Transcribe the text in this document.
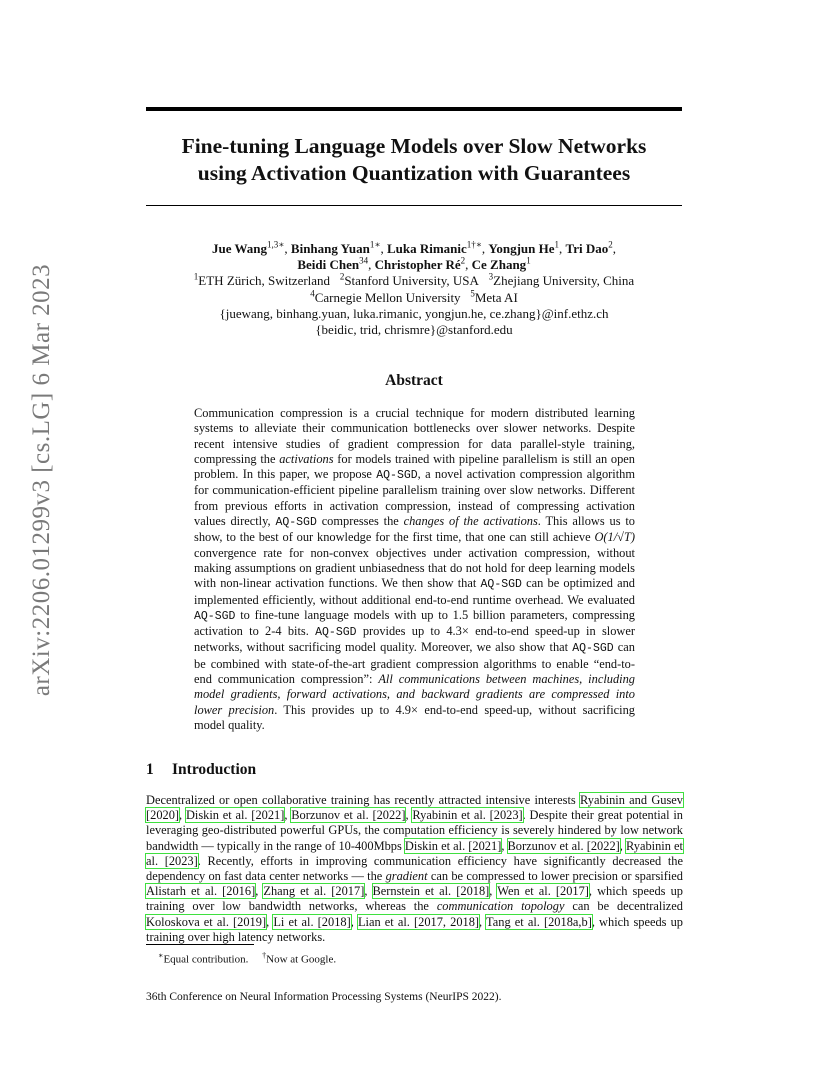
arXiv:2206.01299v3 [cs.LG] 6 Mar 2023
Fine-tuning Language Models over Slow Networks
using Activation Quantization with Guarantees
Jue Wang$^{1,3∗}$, Binhang Yuan$^{1∗}$, Luka Rimanic$^{1\dagger∗}$, Yongjun He$^1$, Tri Dao$^2$,
Beidi Chen$^{34}$, Christopher $Ré^2$, Ce Zhang$^1$
$^1$ETH Zürich, Switzerland $^2$Stanford University, USA $^3$Zhejiang University, China
$^4$Carnegie Mellon University $^5$Meta AI
{juewang, binhang.yuan, luka.rimanic, yongjun.he, ce.zhang}@inf.ethz.ch
{beidic, trid, chrismre}@stanford.edu
Abstract
Communication compression is a crucial technique for modern distributed learning systems to alleviate their communication bottlenecks over slower networks. Despite recent intensive studies of gradient compression for data parallel-style training, compressing the activations for models trained with pipeline parallelism is still an open problem. In this paper, we propose AQ-SGD, a novel activation compression algorithm for communication-efficient pipeline parallelism training over slow networks. Different from previous efforts in activation compression, instead of compressing activation values directly, AQ-SGD compresses the changes of the activations. This allows us to show, to the best of our knowledge for the first time, that one can still achieve O(1/√T) convergence rate for non-convex objectives under activation compression, without making assumptions on gradient unbiasedness that do not hold for deep learning models with non-linear activation functions. We then show that AQ-SGD can be optimized and implemented efficiently, without additional end-to-end runtime overhead. We evaluated AQ-SGD to fine-tune language models with up to 1.5 billion parameters, compressing activation to 2-4 bits. AQ-SGD provides up to 4.3× end-to-end speed-up in slower networks, without sacrificing model quality. Moreover, we also show that AQ-SGD can be combined with state-of-the-art gradient compression algorithms to enable “end-to-end communication compression”: All communications between machines, including model gradients, forward activations, and backward gradients are compressed into lower precision. This provides up to 4.9× end-to-end speed-up, without sacrificing model quality.
1 Introduction
Decentralized or open collaborative training has recently attracted intensive interests Ryabinin and Gusev [2020], Diskin et al. [2021], Borzunov et al. [2022], Ryabinin et al. [2023]. Despite their great potential in leveraging geo-distributed powerful GPUs, the computation efficiency is severely hindered by low network bandwidth — typically in the range of 10-400Mbps Diskin et al. [2021], Borzunov et al. [2022], Ryabinin et al. [2023]. Recently, efforts in improving communication efficiency have significantly decreased the dependency on fast data center networks — the gradient can be compressed to lower precision or sparsified Alistarh et al. [2016], Zhang et al. [2017], Bernstein et al. [2018], Wen et al. [2017], which speeds up training over low bandwidth networks, whereas the communication topology can be decentralized Koloskova et al. [2019], Li et al. [2018], Lian et al. [2017, 2018], Tang et al. [2018a,b], which speeds up training over high latency networks.
∗Equal contribution. †Now at Google.
36th Conference on Neural Information Processing Systems (NeurIPS 2022).
